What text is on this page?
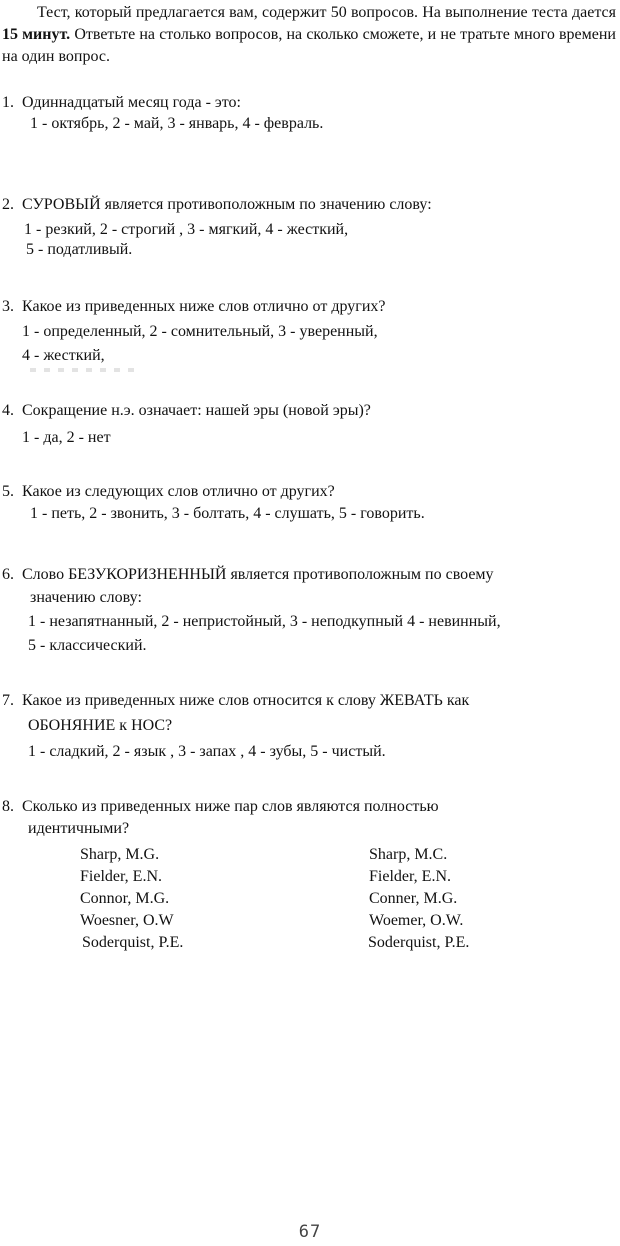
Тест, который предлагается вам, содержит 50 вопросов. На выполнение теста дается 15 минут. Ответьте на столько вопросов, на сколько сможете, и не тратьте много времени на один вопрос.
1. Одиннадцатый месяц года - это:
1 - октябрь, 2 - май, 3 - январь, 4 - февраль.
2. СУРОВЫЙ является противоположным по значению слову:
1 - резкий, 2 - строгий , 3 - мягкий, 4 - жесткий,
5 - податливый.
3. Какое из приведенных ниже слов отлично от других?
1 - определенный, 2 - сомнительный, 3 - уверенный,
4 - жесткий,
4. Сокращение н.э. означает: нашей эры (новой эры)?
1 - да, 2 - нет
5. Какое из следующих слов отлично от других?
1 - петь, 2 - звонить, 3 - болтать, 4 - слушать, 5 - говорить.
6. Слово БЕЗУКОРИЗНЕННЫЙ является противоположным по своему
значению слову:
1 - незапятнанный, 2 - непристойный, 3 - неподкупный 4 - невинный,
5 - классический.
7. Какое из приведенных ниже слов относится к слову ЖЕВАТЬ как
ОБОНЯНИЕ к НОС?
1 - сладкий, 2 - язык , 3 - запах , 4 - зубы, 5 - чистый.
8. Сколько из приведенных ниже пар слов являются полностью
идентичными?
Sharp, M.G.
Fielder, E.N.
Connor, M.G.
Woesner, O.W
Soderquist, P.E.
Sharp, M.C.
Fielder, E.N.
Conner, M.G.
Woemer, O.W.
Soderquist, P.E.
67
